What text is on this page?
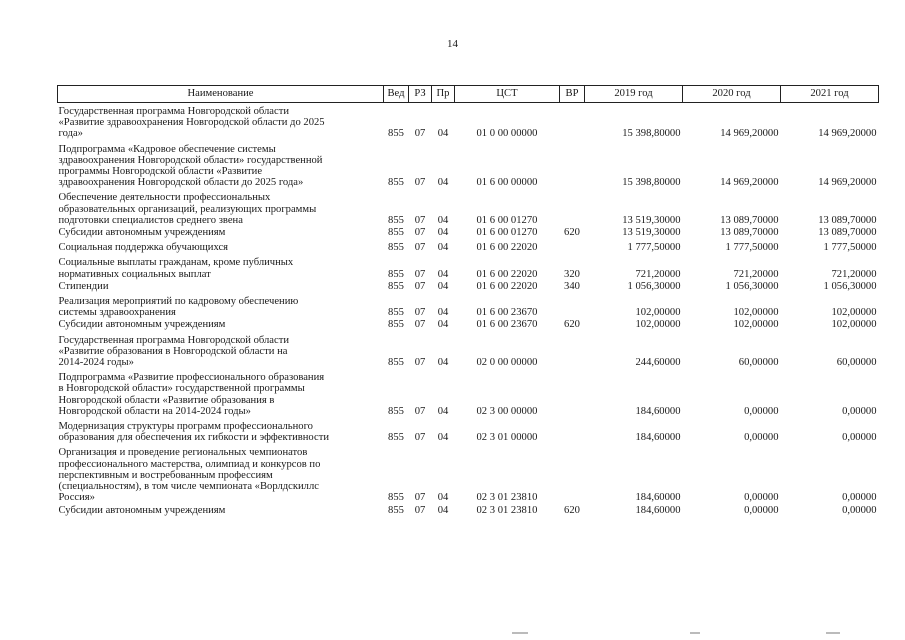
14
Наименование	Вед	РЗ	Пр	ЦСТ	ВР	2019 год	2020 год	2021 год
Государственная программа Новгородской области
«Развитие здравоохранения Новгородской области до 2025
года»	855	07	04	01 0 00 00000		15 398,80000	14 969,20000	14 969,20000
Подпрограмма «Кадровое обеспечение системы
здравоохранения Новгородской области» государственной
программы Новгородской области «Развитие
здравоохранения Новгородской области до 2025 года»	855	07	04	01 6 00 00000		15 398,80000	14 969,20000	14 969,20000
Обеспечение деятельности профессиональных
образовательных организаций, реализующих программы
подготовки специалистов среднего звена	855	07	04	01 6 00 01270		13 519,30000	13 089,70000	13 089,70000
Субсидии автономным учреждениям	855	07	04	01 6 00 01270	620	13 519,30000	13 089,70000	13 089,70000
Социальная поддержка обучающихся	855	07	04	01 6 00 22020		1 777,50000	1 777,50000	1 777,50000
Социальные выплаты гражданам, кроме публичных
нормативных социальных выплат	855	07	04	01 6 00 22020	320	721,20000	721,20000	721,20000
Стипендии	855	07	04	01 6 00 22020	340	1 056,30000	1 056,30000	1 056,30000
Реализация мероприятий по кадровому обеспечению
системы здравоохранения	855	07	04	01 6 00 23670		102,00000	102,00000	102,00000
Субсидии автономным учреждениям	855	07	04	01 6 00 23670	620	102,00000	102,00000	102,00000
Государственная программа Новгородской области
«Развитие образования в Новгородской области на
2014-2024 годы»	855	07	04	02 0 00 00000		244,60000	60,00000	60,00000
Подпрограмма «Развитие профессионального образования
в Новгородской области» государственной программы
Новгородской области «Развитие образования в
Новгородской области на 2014-2024 годы»	855	07	04	02 3 00 00000		184,60000	0,00000	0,00000
Модернизация структуры программ профессионального
образования для обеспечения их гибкости и эффективности	855	07	04	02 3 01 00000		184,60000	0,00000	0,00000
Организация и проведение региональных чемпионатов
профессионального мастерства, олимпиад и конкурсов по
перспективным и востребованным профессиям
(специальностям), в том числе чемпионата «Ворлдскиллс
Россия»	855	07	04	02 3 01 23810		184,60000	0,00000	0,00000
Субсидии автономным учреждениям	855	07	04	02 3 01 23810	620	184,60000	0,00000	0,00000
